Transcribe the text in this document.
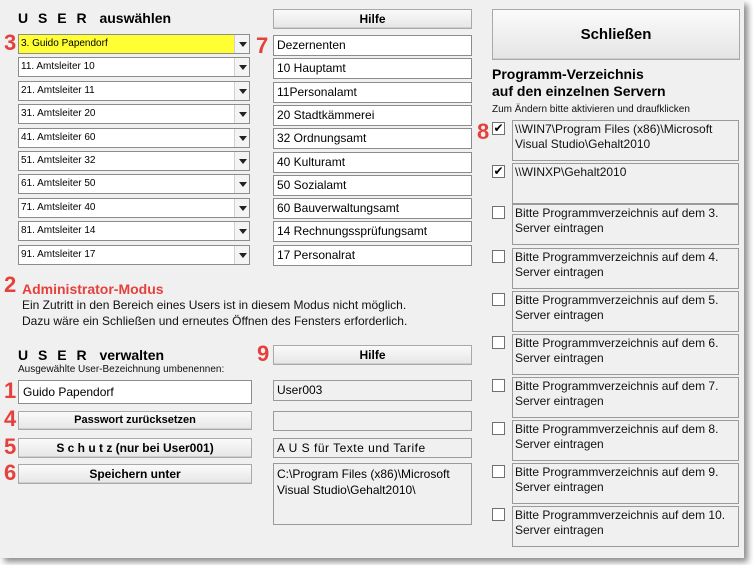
U S E R auswählen
3. Guido Papendorf
11. Amtsleiter 10
21. Amtsleiter 11
31. Amtsleiter 20
41. Amtsleiter 60
51. Amtsleiter 32
61. Amtsleiter 50
71. Amtsleiter 40
81. Amtsleiter 14
91. Amtsleiter 17
Hilfe
Dezernenten
10 Hauptamt
11Personalamt
20 Stadtkämmerei
32 Ordnungsamt
40 Kulturamt
50 Sozialamt
60 Bauverwaltungsamt
14 Rechnungssprüfungsamt
17 Personalrat
Administrator-Modus
Ein Zutritt in den Bereich eines Users ist in diesem Modus nicht möglich.
Dazu wäre ein Schließen und erneutes Öffnen des Fensters erforderlich.
U S E R verwalten
Ausgewählte User-Bezeichnung umbenennen:
Guido Papendorf
Passwort zurücksetzen
S c h u t z (nur bei User001)
Speichern unter
Hilfe
User003
A U S für Texte und Tarife
C:\Program Files (x86)\Microsoft Visual Studio\Gehalt2010\
Schließen
Programm-Verzeichnis
auf den einzelnen Servern
Zum Ändern bitte aktivieren und draufklicken
✔ \\WIN7\Program Files (x86)\Microsoft Visual Studio\Gehalt2010
✔ \\WINXP\Gehalt2010
Bitte Programmverzeichnis auf dem 3. Server eintragen
Bitte Programmverzeichnis auf dem 4. Server eintragen
Bitte Programmverzeichnis auf dem 5. Server eintragen
Bitte Programmverzeichnis auf dem 6. Server eintragen
Bitte Programmverzeichnis auf dem 7. Server eintragen
Bitte Programmverzeichnis auf dem 8. Server eintragen
Bitte Programmverzeichnis auf dem 9. Server eintragen
Bitte Programmverzeichnis auf dem 10. Server eintragen
1
2
3
4
5
6
7
8
9
